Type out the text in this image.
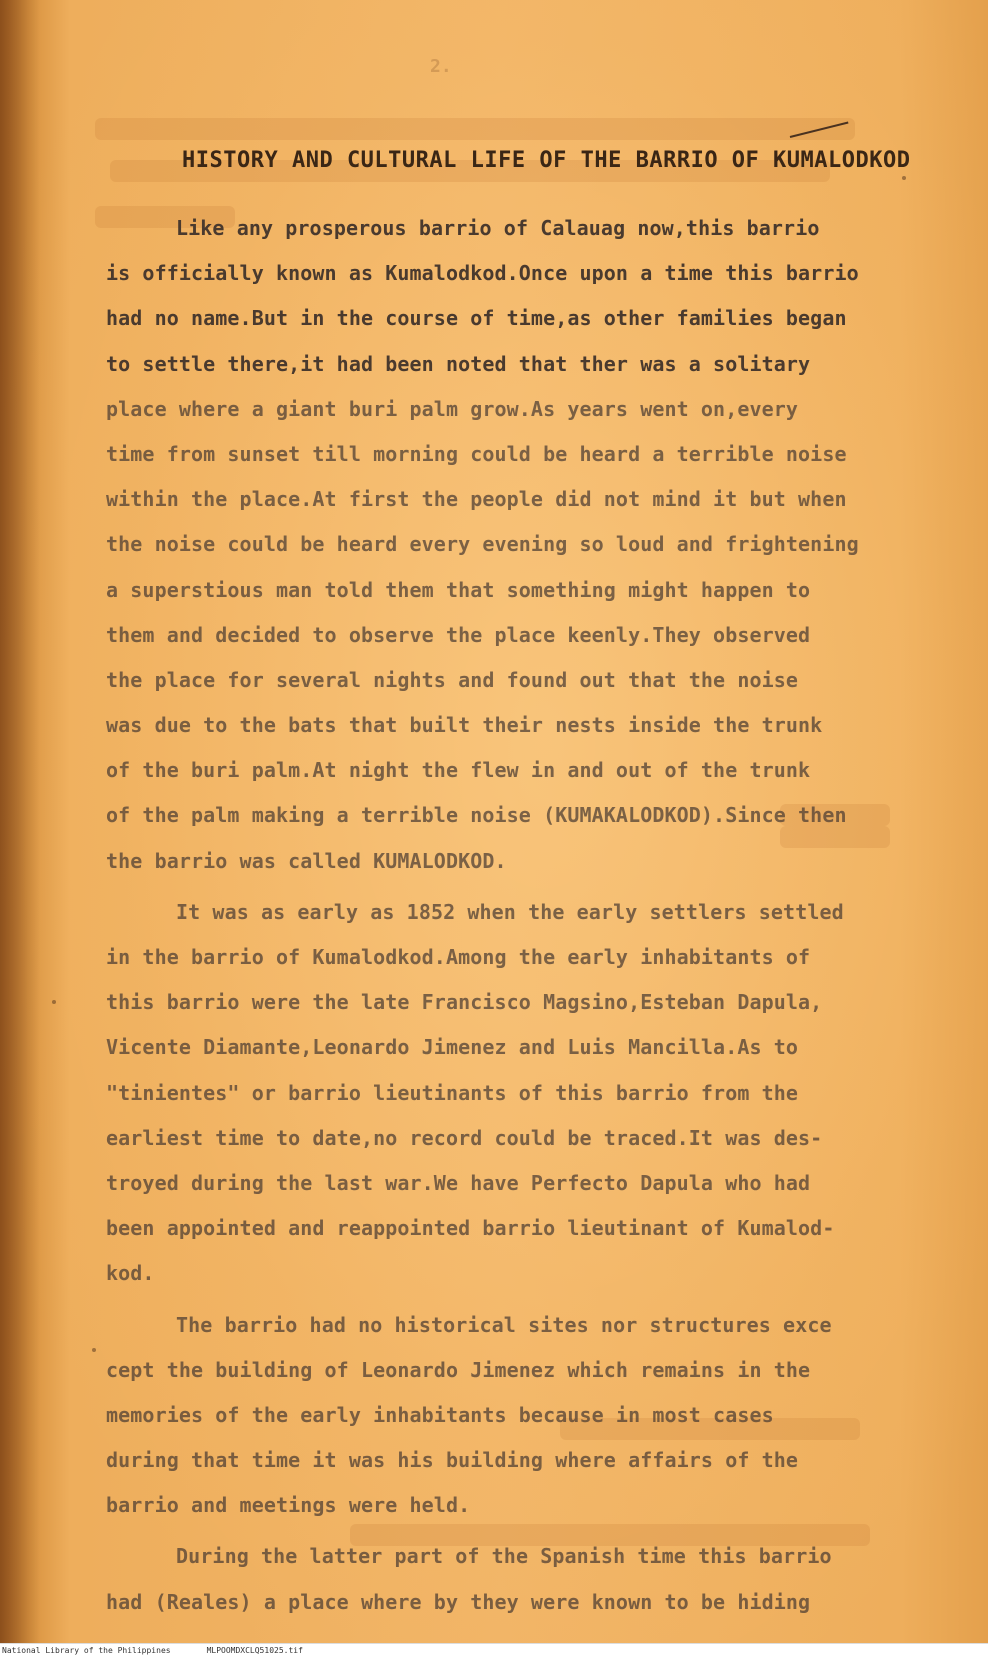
2.
HISTORY AND CULTURAL LIFE OF THE BARRIO OF KUMALODKOD
Like any prosperous barrio of Calauag now,this barrio
is officially known as Kumalodkod.Once upon a time this barrio
had no name.But in the course of time,as other families began
to settle there,it had been noted that ther was a solitary
place where a giant buri palm grow.As years went on,every
time from sunset till morning could be heard a terrible noise
within the place.At first the people did not mind it but when
the noise could be heard every evening so loud and frightening
a superstious man told them that something might happen to
them and decided to observe the place keenly.They observed
the place for several nights and found out that the noise
was due to the bats that built their nests inside the trunk
of the buri palm.At night the flew in and out of the trunk
of the palm making a terrible noise (KUMAKALODKOD).Since then
the barrio was called KUMALODKOD.
It was as early as 1852 when the early settlers settled
in the barrio of Kumalodkod.Among the early inhabitants of
this barrio were the late Francisco Magsino,Esteban Dapula,
Vicente Diamante,Leonardo Jimenez and Luis Mancilla.As to
"tinientes" or barrio lieutinants of this barrio from the
earliest time to date,no record could be traced.It was des-
troyed during the last war.We have Perfecto Dapula who had
been appointed and reappointed barrio lieutinant of Kumalod-
kod.
The barrio had no historical sites nor structures exce
cept the building of Leonardo Jimenez which remains in the
memories of the early inhabitants because in most cases
during that time it was his building where affairs of the
barrio and meetings were held.
During the latter part of the Spanish time this barrio
had (Reales) a place where by they were known to be hiding
National Library of the Philippines	MLPOOMDXCLQ51025.tif
